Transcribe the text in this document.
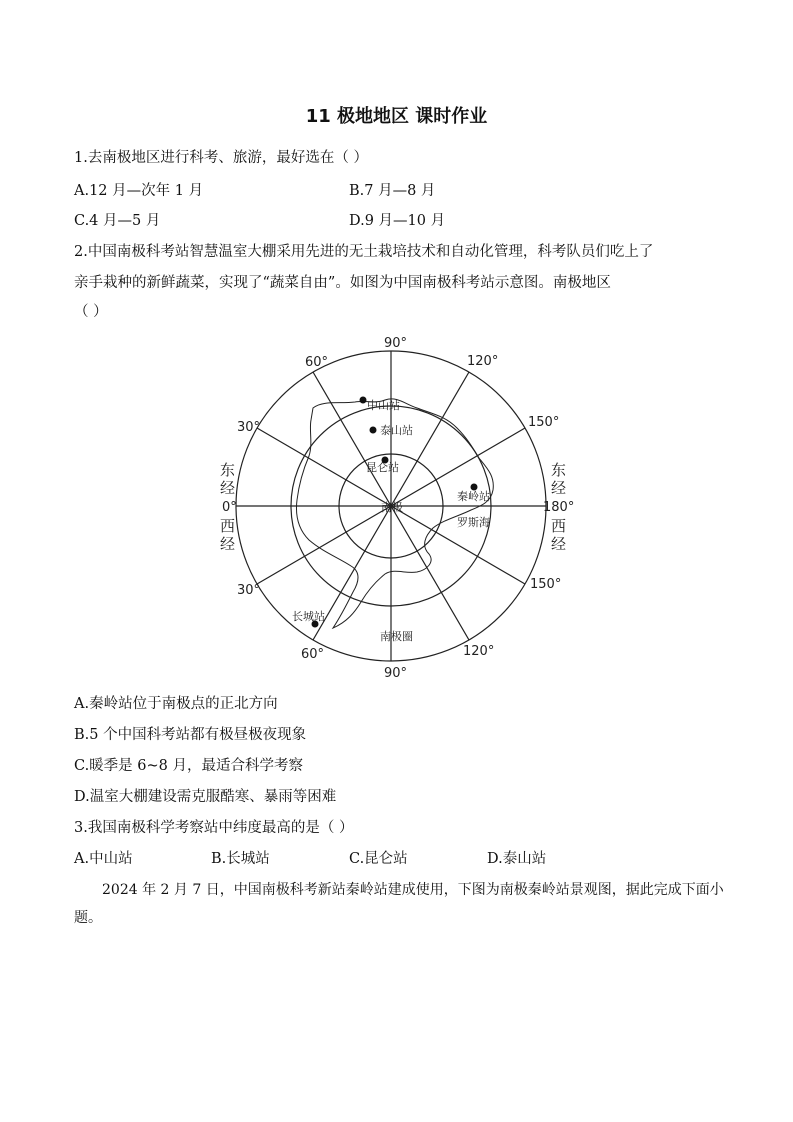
11 极地地区 课时作业
1.去南极地区进行科考、旅游，最好选在（ ）
A.12 月—次年 1 月	B.7 月—8 月
C.4 月—5 月	D.9 月—10 月
2.中国南极科考站智慧温室大棚采用先进的无土栽培技术和自动化管理，科考队员们吃上了
亲手栽种的新鲜蔬菜，实现了“蔬菜自由”。如图为中国南极科考站示意图。南极地区
（ ）
90°
90°
120°
150°
60°
30°
30°
60°
150°
120°
0°	180°
东
经
西
经
东
经
西
经
中山站
泰山站
昆仑站
秦岭站
长城站
南极
罗斯海
南极圈
A.秦岭站位于南极点的正北方向
B.5 个中国科考站都有极昼极夜现象
C.暖季是 6~8 月，最适合科学考察
D.温室大棚建设需克服酷寒、暴雨等困难
3.我国南极科学考察站中纬度最高的是（ ）
A.中山站	B.长城站	C.昆仑站	D.泰山站
2024 年 2 月 7 日，中国南极科考新站秦岭站建成使用，下图为南极秦岭站景观图，据此完成下面小题。
